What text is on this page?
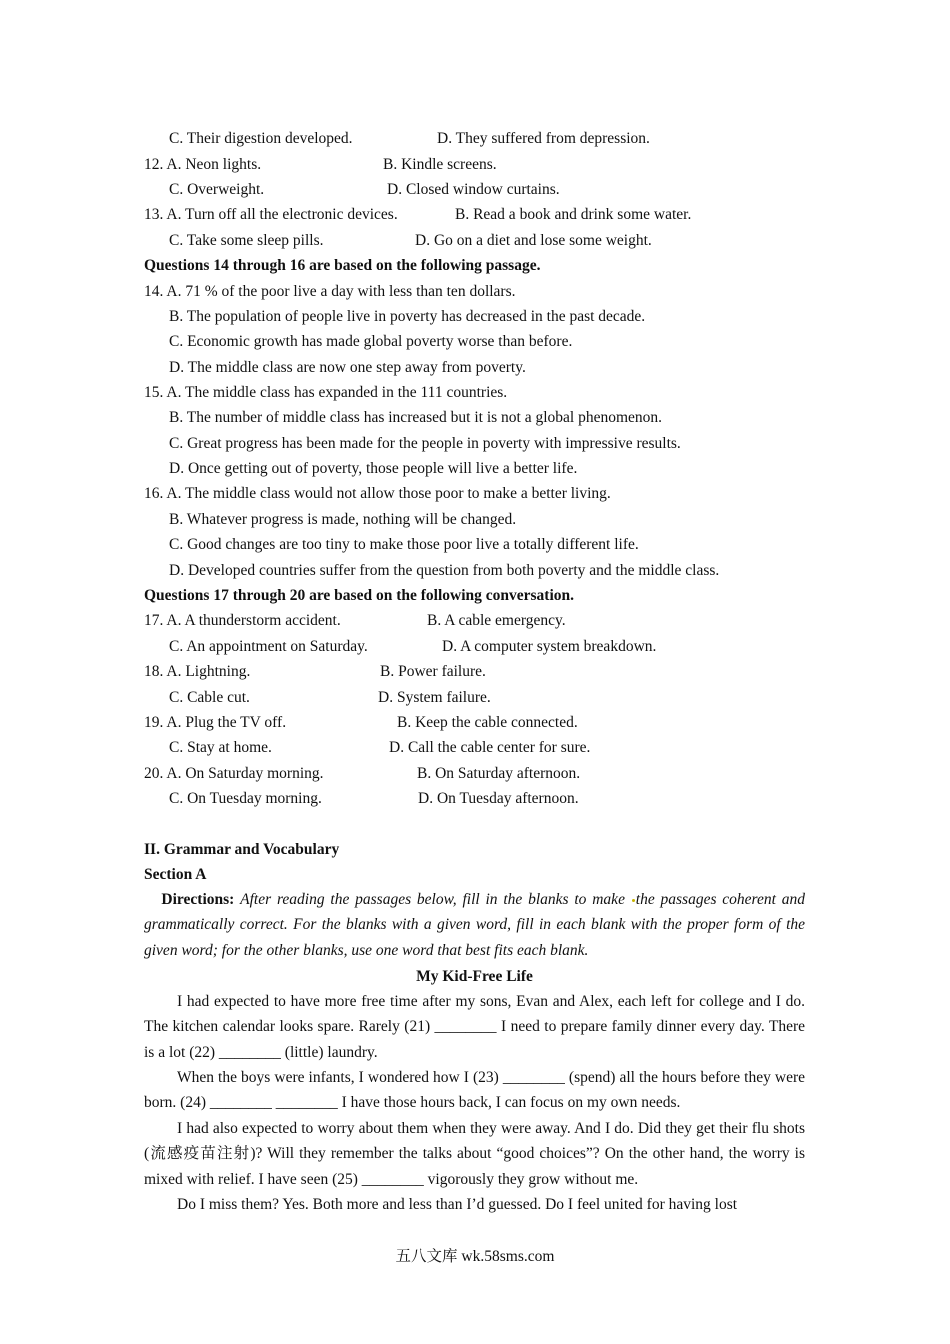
C. Their digestion developed.	D. They suffered from depression.
12. A. Neon lights.	B. Kindle screens.
C. Overweight.	D. Closed window curtains.
13. A. Turn off all the electronic devices.	B. Read a book and drink some water.
C. Take some sleep pills.	D. Go on a diet and lose some weight.
Questions 14 through 16 are based on the following passage.
14. A. 71 % of the poor live a day with less than ten dollars.
B. The population of people live in poverty has decreased in the past decade.
C. Economic growth has made global poverty worse than before.
D. The middle class are now one step away from poverty.
15. A. The middle class has expanded in the 111 countries.
B. The number of middle class has increased but it is not a global phenomenon.
C. Great progress has been made for the people in poverty with impressive results.
D. Once getting out of poverty, those people will live a better life.
16. A. The middle class would not allow those poor to make a better living.
B. Whatever progress is made, nothing will be changed.
C. Good changes are too tiny to make those poor live a totally different life.
D. Developed countries suffer from the question from both poverty and the middle class.
Questions 17 through 20 are based on the following conversation.
17. A. A thunderstorm accident.	B. A cable emergency.
C. An appointment on Saturday.	D. A computer system breakdown.
18. A. Lightning.	B. Power failure.
C. Cable cut.	D. System failure.
19. A. Plug the TV off.	B. Keep the cable connected.
C. Stay at home.	D. Call the cable center for sure.
20. A. On Saturday morning.	B. On Saturday afternoon.
C. On Tuesday morning.	D. On Tuesday afternoon.
II. Grammar and Vocabulary
Section A
Directions: After reading the passages below, fill in the blanks to make the passages coherent and grammatically correct. For the blanks with a given word, fill in each blank with the proper form of the given word; for the other blanks, use one word that best fits each blank.
My Kid-Free Life
I had expected to have more free time after my sons, Evan and Alex, each left for college and I do. The kitchen calendar looks spare. Rarely (21) ________ I need to prepare family dinner every day. There is a lot (22) ________ (little) laundry.
When the boys were infants, I wondered how I (23) ________ (spend) all the hours before they were born. (24) ________ ________ I have those hours back, I can focus on my own needs.
I had also expected to worry about them when they were away. And I do. Did they get their flu shots (流感疫苗注射)? Will they remember the talks about “good choices”? On the other hand, the worry is mixed with relief. I have seen (25) ________ vigorously they grow without me.
Do I miss them? Yes. Both more and less than I’d guessed. Do I feel united for having lost
五八文库 wk.58sms.com
